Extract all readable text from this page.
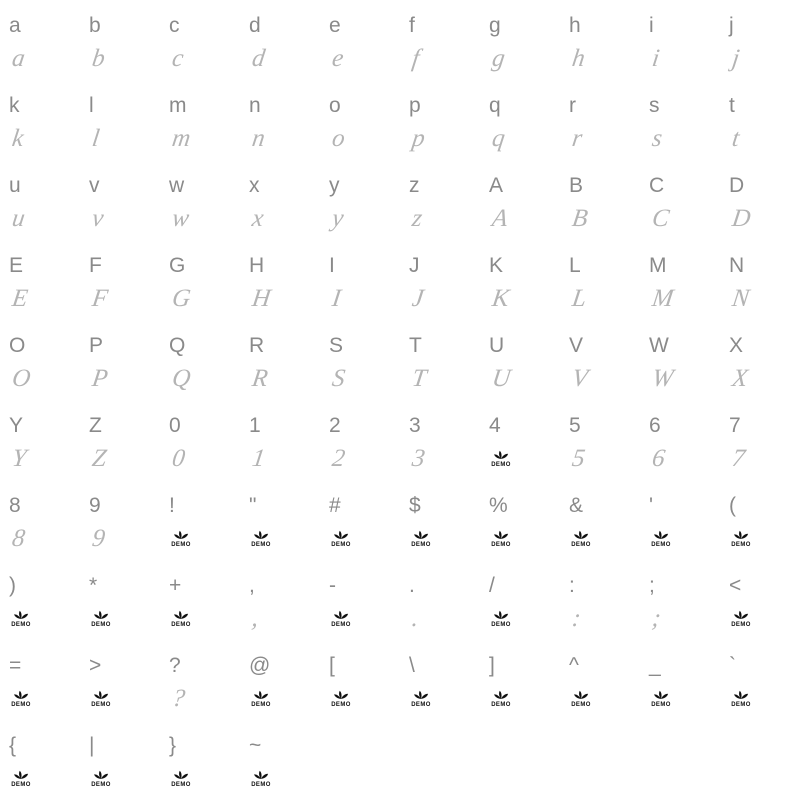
a
a
b
b
c
c
d
d
e
e
f
f
g
g
h
h
i
i
j
j
k
k
l
l
m
m
n
n
o
o
p
p
q
q
r
r
s
s
t
t
u
u
v
v
w
w
x
x
y
y
z
z
A
A
B
B
C
C
D
D
E
E
F
F
G
G
H
H
I
I
J
J
K
K
L
L
M
M
N
N
O
O
P
P
Q
Q
R
R
S
S
T
T
U
U
V
V
W
W
X
X
Y
Y
Z
Z
0
0
1
1
2
2
3
3
4
DEMO
5
5
6
6
7
7
8
8
9
9
!
DEMO
"
DEMO
#
DEMO
$
DEMO
%
DEMO
&
DEMO
'
DEMO
(
DEMO
)
DEMO
*
DEMO
+
DEMO
,
,
-
DEMO
.
.
/
DEMO
:
:
;
;
<
DEMO
=
DEMO
>
DEMO
?
?
@
DEMO
[
DEMO
\
DEMO
]
DEMO
^
DEMO
_
DEMO
`
DEMO
{
DEMO
|
DEMO
}
DEMO
~
DEMO
